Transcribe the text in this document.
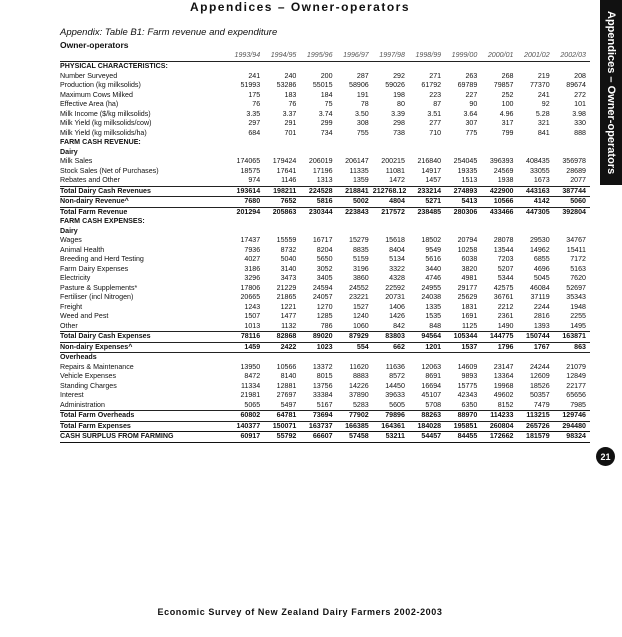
Appendices – Owner-operators
Appendices – Owner-operators
21
Appendix: Table B1: Farm revenue and expenditure
Owner-operators
	1993/94	1994/95	1995/96	1996/97	1997/98	1998/99	1999/00	2000/01	2001/02	2002/03
PHYSICAL CHARACTERISTICS:										
Number Surveyed	241	240	200	287	292	271	263	268	219	208
Production (kg milksolids)	51993	53286	55015	58906	59026	61792	69789	79857	77370	89674
Maximum Cows Milked	175	183	184	191	198	223	227	252	241	272
Effective Area (ha)	76	76	75	78	80	87	90	100	92	101
Milk Income ($/kg milksolids)	3.35	3.37	3.74	3.50	3.39	3.51	3.64	4.96	5.28	3.98
Milk Yield (kg milksolids/cow)	297	291	299	308	298	277	307	317	321	330
Milk Yield (kg milksolids/ha)	684	701	734	755	738	710	775	799	841	888
FARM CASH REVENUE:										
Dairy										
Milk Sales	174065	179424	206019	206147	200215	216840	254045	396393	408435	356978
Stock Sales (Net of Purchases)	18575	17641	17196	11335	11081	14917	19335	24569	33055	28689
Rebates and Other	974	1146	1313	1359	1472	1457	1513	1938	1673	2077
Total Dairy Cash Revenues	193614	198211	224528	218841	212768.12	233214	274893	422900	443163	387744
Non-dairy Revenue^	7680	7652	5816	5002	4804	5271	5413	10566	4142	5060
Total Farm Revenue	201294	205863	230344	223843	217572	238485	280306	433466	447305	392804
FARM CASH EXPENSES:										
Dairy										
Wages	17437	15559	16717	15279	15618	18502	20794	28078	29530	34767
Animal Health	7936	8732	8204	8835	8404	9549	10258	13544	14962	15411
Breeding and Herd Testing	4027	5040	5650	5159	5134	5616	6038	7203	6855	7172
Farm Dairy Expenses	3186	3140	3052	3196	3322	3440	3820	5207	4696	5163
Electricity	3296	3473	3405	3860	4328	4746	4981	5344	5045	7620
Pasture & Supplements*	17806	21229	24594	24552	22592	24955	29177	42575	46084	52697
Fertiliser (incl Nitrogen)	20665	21865	24057	23221	20731	24038	25629	36761	37119	35343
Freight	1243	1221	1270	1527	1406	1335	1831	2212	2244	1948
Weed and Pest	1507	1477	1285	1240	1426	1535	1691	2361	2816	2255
Other	1013	1132	786	1060	842	848	1125	1490	1393	1495
Total Dairy Cash Expenses	78116	82868	89020	87929	83803	94564	105344	144775	150744	163871
Non-dairy Expenses^	1459	2422	1023	554	662	1201	1537	1796	1767	863
Overheads										
Repairs & Maintenance	13950	10566	13372	11620	11636	12063	14609	23147	24244	21079
Vehicle Expenses	8472	8140	8015	8883	8572	8691	9893	13364	12609	12849
Standing Charges	11334	12881	13756	14226	14450	16694	15775	19968	18526	22177
Interest	21981	27697	33384	37890	39633	45107	42343	49602	50357	65656
Administration	5065	5497	5167	5283	5605	5708	6350	8152	7479	7985
Total Farm Overheads	60802	64781	73694	77902	79896	88263	88970	114233	113215	129746
Total Farm Expenses	140377	150071	163737	166385	164361	184028	195851	260804	265726	294480
CASH SURPLUS FROM FARMING	60917	55792	66607	57458	53211	54457	84455	172662	181579	98324
Economic Survey of New Zealand Dairy Farmers 2002-2003
